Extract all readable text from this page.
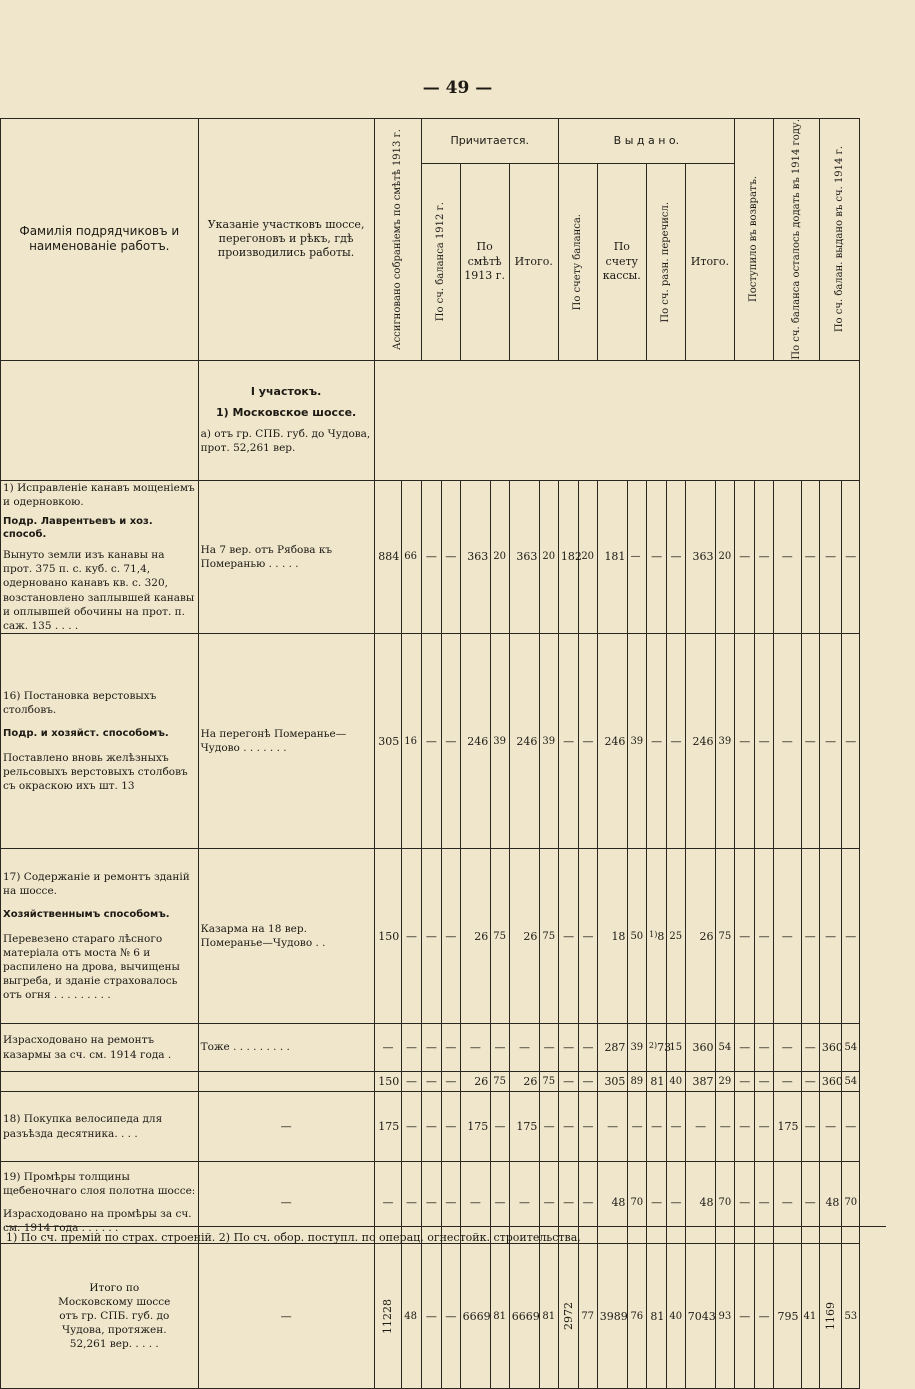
— 49 —
Фамилія подрядчиковъ и наименованіе работъ.	Указаніе участковъ шоссе, перегоновъ и рѣкъ, гдѣ производились работы.	Ассигновано собраніемъ по смѣтѣ 1913 г.		Причитается.						В ы д а н о.								Поступило въ возвратъ.		По сч. баланса осталось додать въ 1914 году.		По сч. балан. выдано въ сч. 1914 г.	

				По сч. баланса 1912 г.		По смѣтѣ 1913 г.		Итого.		По счету баланса.		По счету кассы.		По сч. разн. перечисл.		Итого.							

	I участокъ.
1) Московское шоссе.
а) отъ гр. СПБ. губ. до Чудова, прот. 52,261 вер.																						

1) Исправленіе канавъ мощеніемъ и одерновкою.
Подр. Лаврентьевъ и хоз. способ.
Вынуто земли изъ канавы на прот. 375 п. с. куб. с. 71,4, одерновано канавъ кв. с. 320, возстановлено заплывшей канавы и оплывшей обочины на прот. п. саж. 135 . . . .	На 7 вер. отъ Рябова къ Померанью . . . . .	884	66	—	—	363	20	363	20	182	20	181	—	—	—	363	20	—	—	—	—	—	—

16) Постановка верстовыхъ столбовъ.
Подр. и хозяйст. способомъ.
Поставлено вновь желѣзныхъ рельсовыхъ верстовыхъ столбовъ съ окраскою ихъ шт. 13	На перегонѣ Померанье—Чудово . . . . . . .	305	16	—	—	246	39	246	39	—	—	246	39	—	—	246	39	—	—	—	—	—	—

17) Содержаніе и ремонтъ зданій на шоссе.
Хозяйственнымъ способомъ.
Перевезено стараго лѣсного матеріала отъ моста № 6 и распилено на дрова, вычищены выгреба, и зданіе страховалось отъ огня . . . . . . . . .	Казарма на 18 вер. Померанье—Чудово . .	150	—	—	—	26	75	26	75	—	—	18	50	$^{1)}$8	25	26	75	—	—	—	—	—	—
Израсходовано на ремонтъ казармы за сч. см. 1914 года .	Тоже . . . . . . . . .	—	—	—	—	—	—	—	—	—	—	287	39	$^{2)}$73	15	360	54	—	—	—	—	360	54
		150	—	—	—	26	75	26	75	—	—	305	89	81	40	387	29	—	—	—	—	360	54
18) Покупка велосипеда для разъѣзда десятника. . . .	—	175	—	—	—	175	—	175	—	—	—	—	—	—	—	—	—	—	—	175	—	—	—

19) Промѣры толщины щебеночнаго слоя полотна шоссе:
Израсходовано на промѣры за сч. см. 1914 года . . . . . .	—	—	—	—	—	—	—	—	—	—	—	48	70	—	—	48	70	—	—	—	—	48	70
Итого по Московскому шоссе отъ гр. СПБ. губ. до Чудова, протяжен. 52,261 вер. . . . .	—	11228	48	—	—	6669	81	6669	81	2972	77	3989	76	81	40	7043	93	—	—	795	41	1169	53
1) По сч. премій по страх. строеній. 2) По сч. обор. поступл. по операц. огнестойк. строительства.
